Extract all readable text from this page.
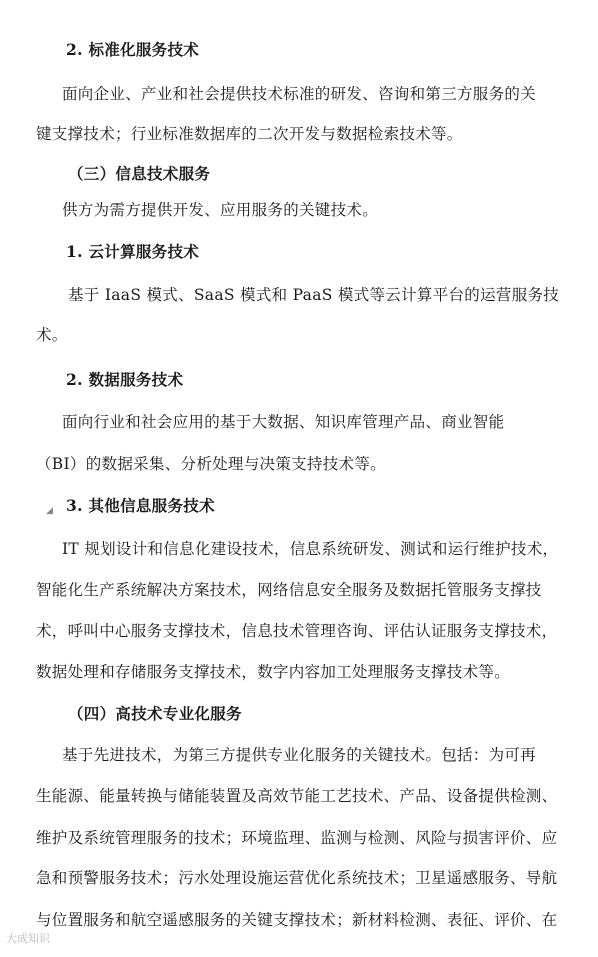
2. 标准化服务技术
面向企业、产业和社会提供技术标准的研发、咨询和第三方服务的关
键支撑技术；行业标准数据库的二次开发与数据检索技术等。
（三）信息技术服务
供方为需方提供开发、应用服务的关键技术。
1. 云计算服务技术
基于 IaaS 模式、SaaS 模式和 PaaS 模式等云计算平台的运营服务技
术。
2. 数据服务技术
面向行业和社会应用的基于大数据、知识库管理产品、商业智能
（BI）的数据采集、分析处理与决策支持技术等。
◢ 3. 其他信息服务技术
IT 规划设计和信息化建设技术，信息系统研发、测试和运行维护技术，
智能化生产系统解决方案技术，网络信息安全服务及数据托管服务支撑技
术，呼叫中心服务支撑技术，信息技术管理咨询、评估认证服务支撑技术，
数据处理和存储服务支撑技术，数字内容加工处理服务支撑技术等。
（四）高技术专业化服务
基于先进技术，为第三方提供专业化服务的关键技术。包括：为可再
生能源、能量转换与储能装置及高效节能工艺技术、产品、设备提供检测、
维护及系统管理服务的技术；环境监理、监测与检测、风险与损害评价、应
急和预警服务技术；污水处理设施运营优化系统技术；卫星遥感服务、导航
与位置服务和航空遥感服务的关键支撑技术；新材料检测、表征、评价、在
大成知识
